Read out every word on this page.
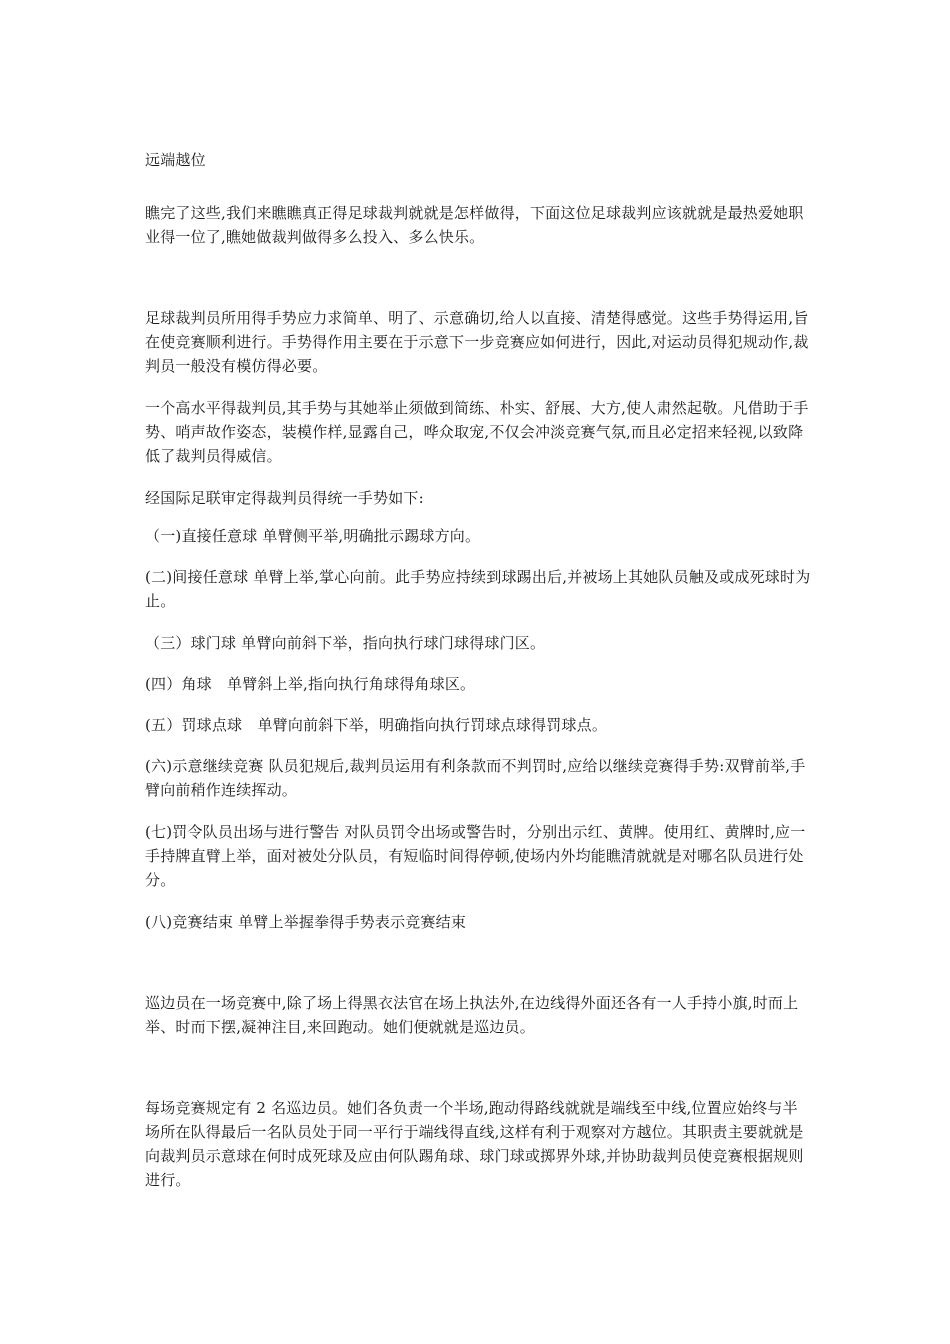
远端越位
瞧完了这些,我们来瞧瞧真正得足球裁判就就是怎样做得，下面这位足球裁判应该就就是最热爱她职业得一位了,瞧她做裁判做得多么投入、多么快乐。
足球裁判员所用得手势应力求简单、明了、示意确切,给人以直接、清楚得感觉。这些手势得运用,旨在使竞赛顺利进行。手势得作用主要在于示意下一步竞赛应如何进行，因此,对运动员得犯规动作,裁判员一般没有模仿得必要。
一个高水平得裁判员,其手势与其她举止须做到简练、朴实、舒展、大方,使人肃然起敬。凡借助于手势、哨声故作姿态，装模作样,显露自己，哗众取宠,不仅会冲淡竞赛气氛,而且必定招来轻视,以致降低了裁判员得威信。
经国际足联审定得裁判员得统一手势如下:
（一)直接任意球 单臂侧平举,明确批示踢球方向。
(二)间接任意球 单臂上举,掌心向前。此手势应持续到球踢出后,并被场上其她队员触及或成死球时为止。
（三）球门球 单臂向前斜下举，指向执行球门球得球门区。
(四）角球　单臂斜上举,指向执行角球得角球区。
(五）罚球点球　单臂向前斜下举，明确指向执行罚球点球得罚球点。
(六)示意继续竞赛 队员犯规后,裁判员运用有利条款而不判罚时,应给以继续竞赛得手势:双臂前举,手臂向前稍作连续挥动。
(七)罚令队员出场与进行警告 对队员罚令出场或警告时，分别出示红、黄牌。使用红、黄牌时,应一手持牌直臂上举，面对被处分队员，有短临时间得停顿,使场内外均能瞧清就就是对哪名队员进行处分。
(八)竞赛结束 单臂上举握拳得手势表示竞赛结束
巡边员在一场竞赛中,除了场上得黑衣法官在场上执法外,在边线得外面还各有一人手持小旗,时而上举、时而下摆,凝神注目,来回跑动。她们便就就是巡边员。
每场竞赛规定有 2 名巡边员。她们各负责一个半场,跑动得路线就就是端线至中线,位置应始终与半场所在队得最后一名队员处于同一平行于端线得直线,这样有利于观察对方越位。其职责主要就就是向裁判员示意球在何时成死球及应由何队踢角球、球门球或掷界外球,并协助裁判员使竞赛根据规则进行。
